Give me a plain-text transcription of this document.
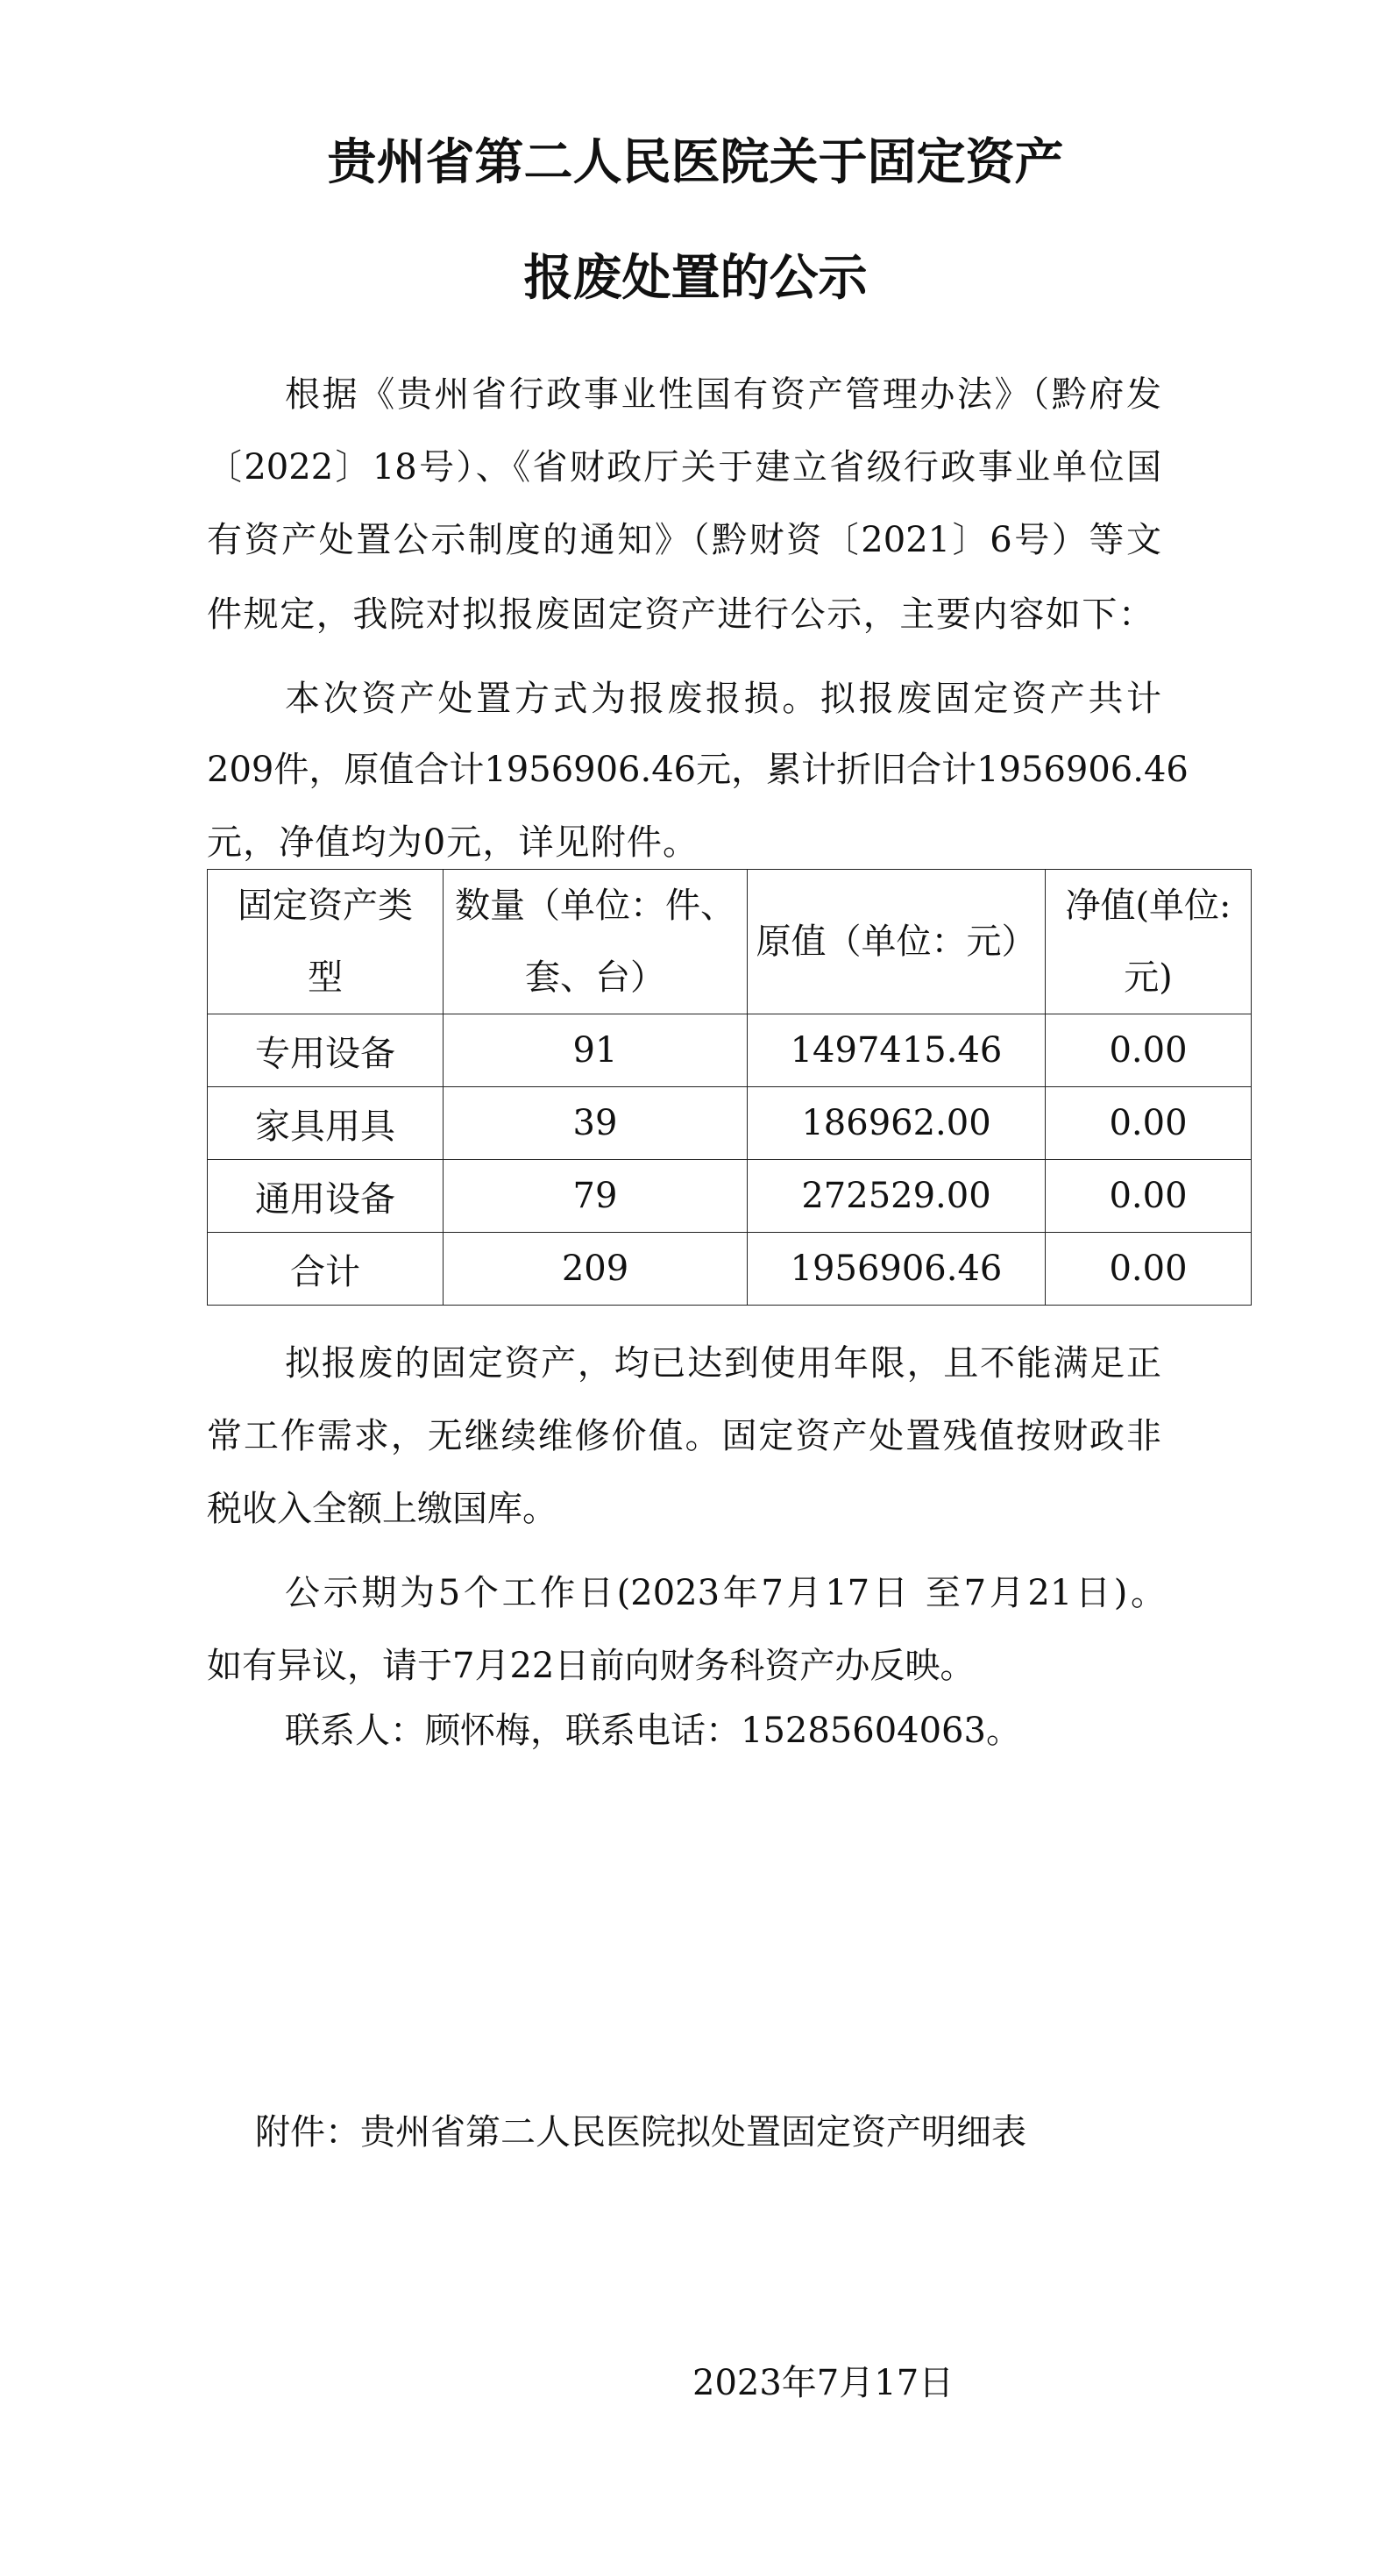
贵州省第二人民医院关于固定资产
报废处置的公示
根据《贵州省行政事业性国有资产管理办法》（黔府发
〔2022〕18号）、《省财政厅关于建立省级行政事业单位国
有资产处置公示制度的通知》（黔财资〔2021〕6号）等文
件规定，我院对拟报废固定资产进行公示，主要内容如下：
本次资产处置方式为报废报损。拟报废固定资产共计
209件，原值合计1956906.46元，累计折旧合计1956906.46
元，净值均为0元，详见附件。
固定资产类型	数量（单位：件、套、台）	原值（单位：元）	净值(单位:元)
专用设备	91	1497415.46	0.00
家具用具	39	186962.00	0.00
通用设备	79	272529.00	0.00
合计	209	1956906.46	0.00
拟报废的固定资产，均已达到使用年限，且不能满足正
常工作需求，无继续维修价值。固定资产处置残值按财政非
税收入全额上缴国库。
公示期为5个工作日(2023年7月17日 至7月21日)。
如有异议，请于7月22日前向财务科资产办反映。
联系人：顾怀梅，联系电话：15285604063。
附件：贵州省第二人民医院拟处置固定资产明细表
2023年7月17日
